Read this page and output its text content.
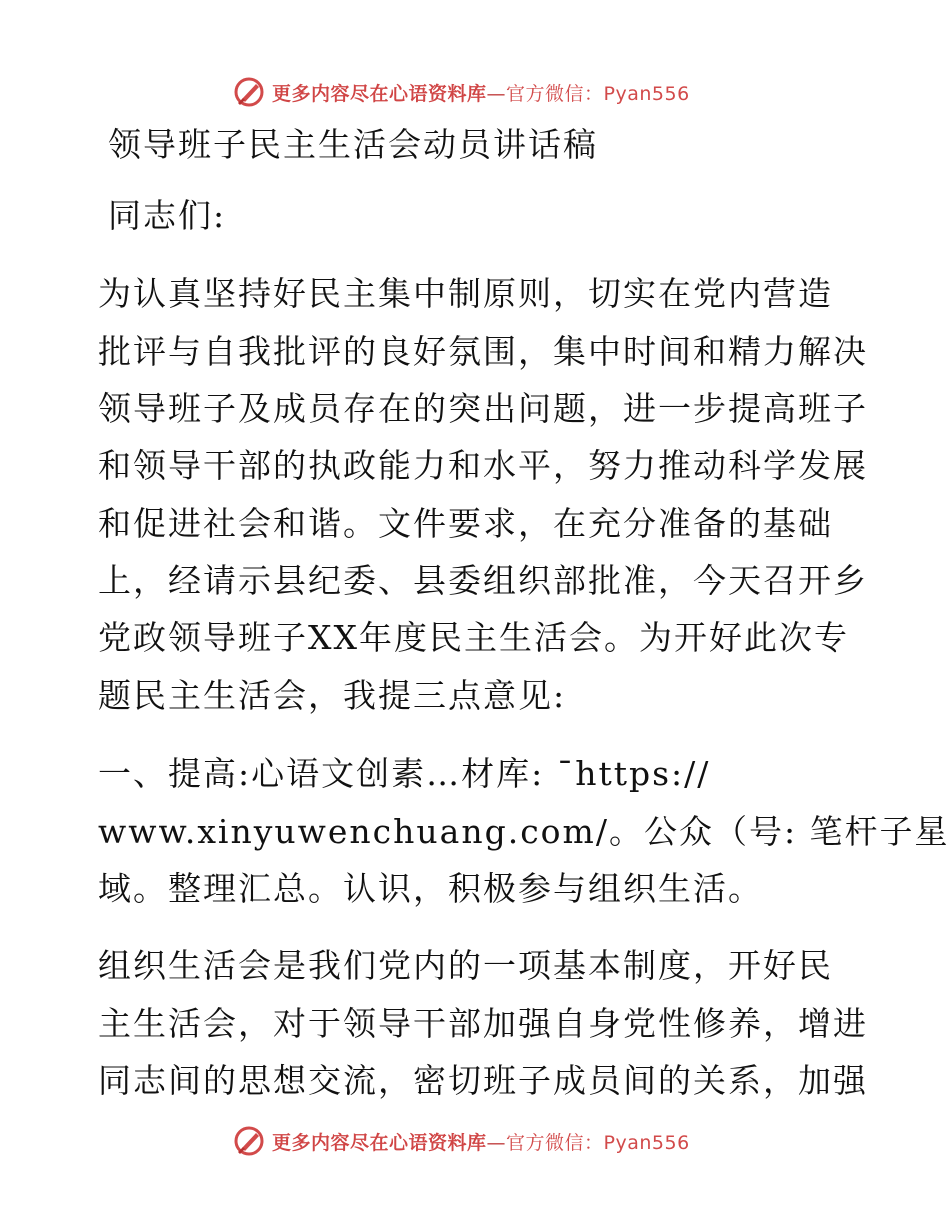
更多内容尽在心语资料库—官方微信：Pyan556
领导班子民主生活会动员讲话稿
同志们:
为认真坚持好民主集中制原则，切实在党内营造
批评与自我批评的良好氛围，集中时间和精力解决
领导班子及成员存在的突出问题，进一步提高班子
和领导干部的执政能力和水平，努力推动科学发展
和促进社会和谐。文件要求，在充分准备的基础
上，经请示县纪委、县委组织部批准，今天召开乡
党政领导班子XX年度民主生活会。为开好此次专
题民主生活会，我提三点意见:
一、提高:心语文创素…材库: ¯https://
www.xinyuwenchuang.com/。公众（号: 笔杆子星
域。整理汇总。认识，积极参与组织生活。
组织生活会是我们党内的一项基本制度，开好民
主生活会，对于领导干部加强自身党性修养，增进
同志间的思想交流，密切班子成员间的关系，加强
更多内容尽在心语资料库—官方微信：Pyan556
